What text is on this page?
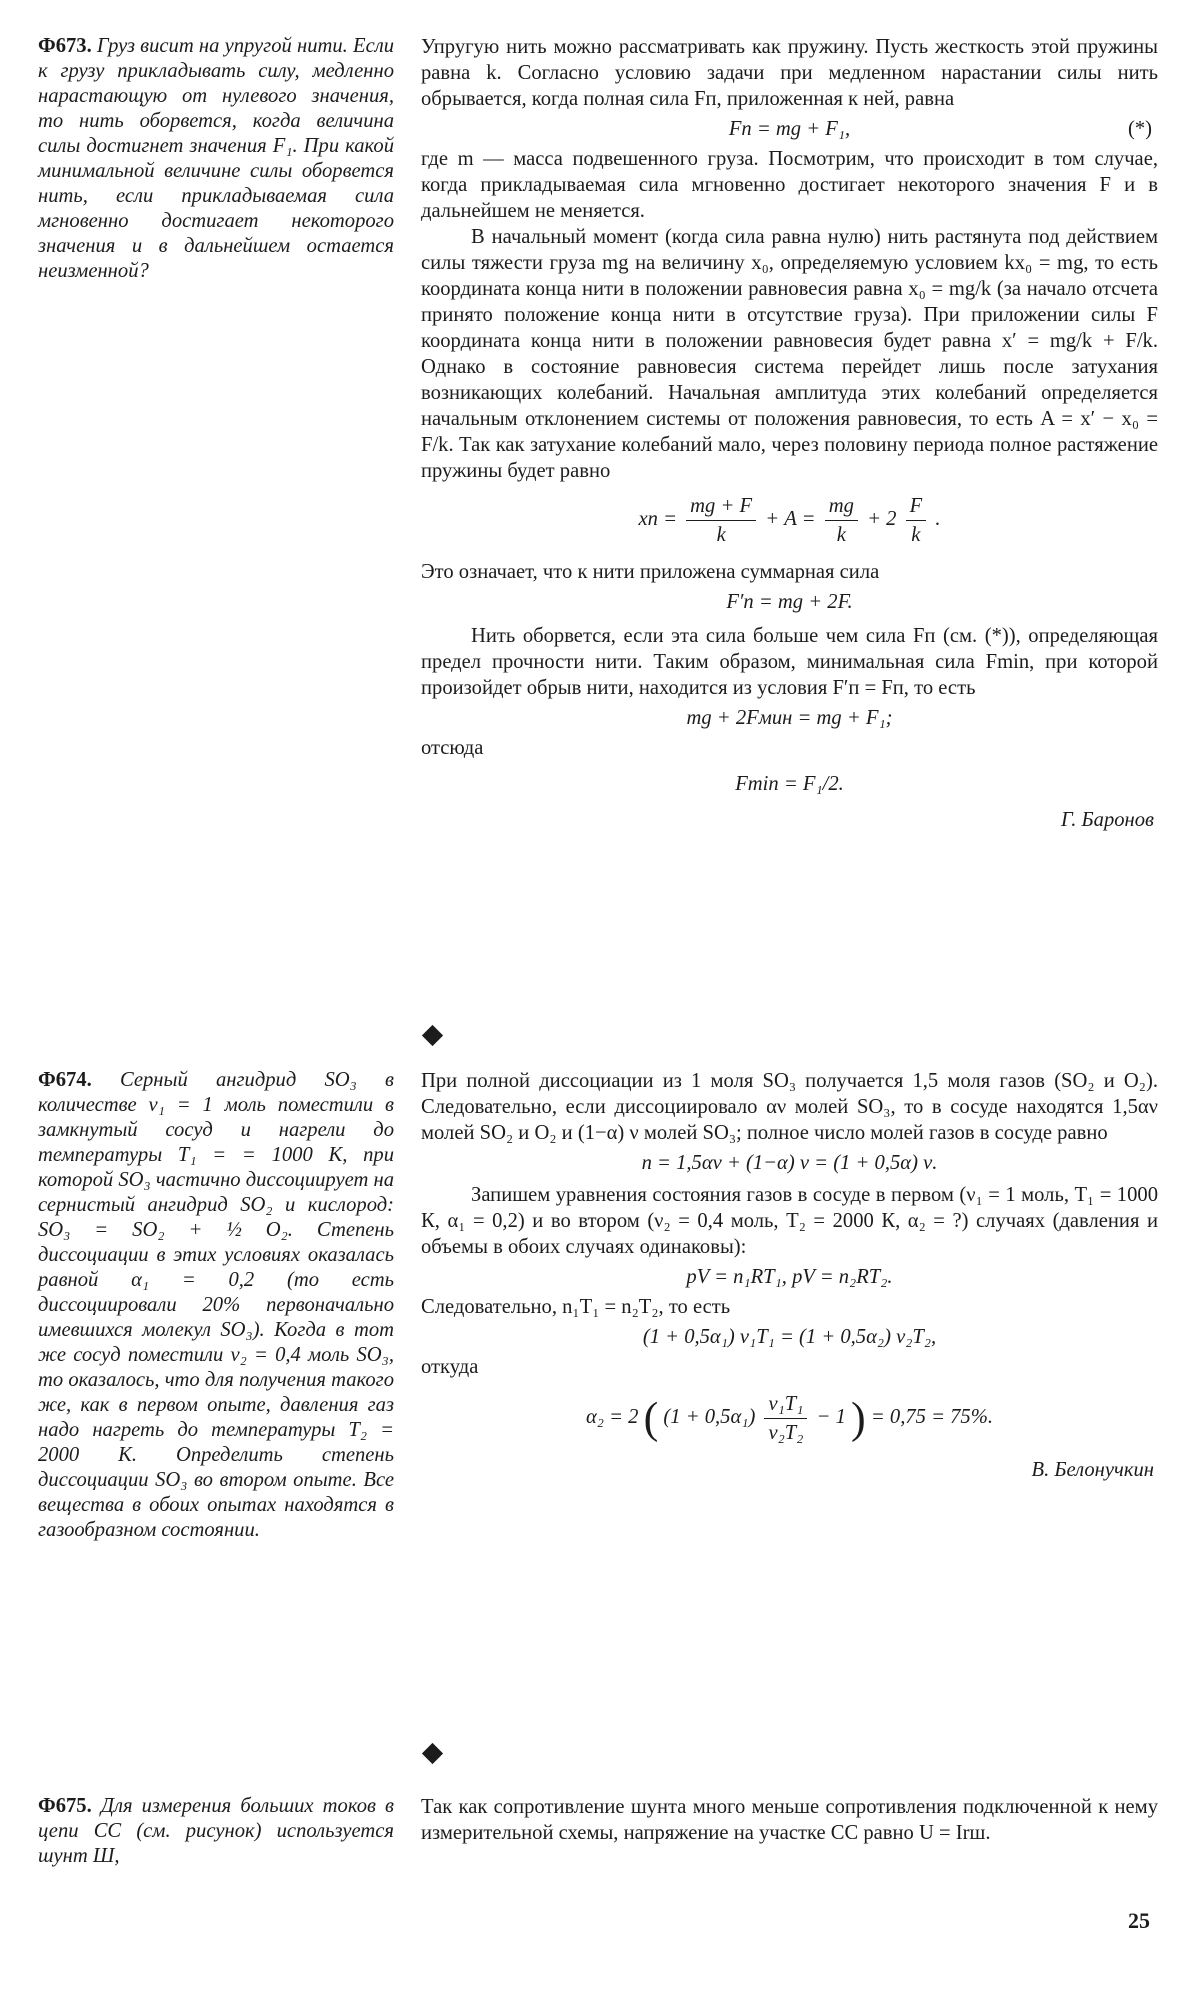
Ф673. Груз висит на упругой нити. Если к грузу прикладывать силу, медленно нарастающую от нулевого значения, то нить оборвется, когда величина силы достигнет значения F₁. При какой минимальной величине силы оборвется нить, если прикладываемая сила мгновенно достигает некоторого значения и в дальнейшем остается неизменной?

Упругую нить можно рассматривать как пружину. Пусть жесткость этой пружины равна k. Согласно условию задачи при медленном нарастании силы нить обрывается, когда полная сила Fп, приложенная к ней, равна

Fп = mg + F₁,	(*)

где m — масса подвешенного груза. Посмотрим, что происходит в том случае, когда прикладываемая сила мгновенно достигает некоторого значения F и в дальнейшем не меняется.

В начальный момент (когда сила равна нулю) нить растянута под действием силы тяжести груза mg на величину x₀, определяемую условием kx₀ = mg, то есть координата конца нити в положении равновесия равна x₀ = mg/k (за начало отсчета принято положение конца нити в отсутствие груза). При приложении силы F координата конца нити в положении равновесия будет равна x′ = mg/k + F/k. Однако в состояние равновесия система перейдет лишь после затухания возникающих колебаний. Начальная амплитуда этих колебаний определяется начальным отклонением системы от положения равновесия, то есть A = x′ − x₀ = F/k. Так как затухание колебаний мало, через половину периода полное растяжение пружины будет равно

xп = $\frac{mg + F}{k} + A = \frac{mg}{k} + 2 \frac{F}{k}$ .

Это означает, что к нити приложена суммарная сила

F′п = mg + 2F.

Нить оборвется, если эта сила больше чем сила Fп (см. (*)), определяющая предел прочности нити. Таким образом, минимальная сила Fmin, при которой произойдет обрыв нити, находится из условия F′п = Fп, то есть

mg + 2Fмин = mg + F₁;

отсюда

Fmin = F₁/2.
Г. Баронов
Ф674. Серный ангидрид SO₃ в количестве ν₁ = 1 моль поместили в замкнутый сосуд и нагрели до температуры T₁ = = 1000 К, при которой SO₃ частично диссоциирует на сернистый ангидрид SO₂ и кислород: SO₃ = SO₂ + ½ O₂. Степень диссоциации в этих условиях оказалась равной α₁ = 0,2 (то есть диссоциировали 20% первоначально имевшихся молекул SO₃). Когда в тот же сосуд поместили ν₂ = 0,4 моль SO₃, то оказалось, что для получения такого же, как в первом опыте, давления газ надо нагреть до температуры T₂ = 2000 К. Определить степень диссоциации SO₃ во втором опыте. Все вещества в обоих опытах находятся в газообразном состоянии.

При полной диссоциации из 1 моля SO₃ получается 1,5 моля газов (SO₂ и O₂). Следовательно, если диссоциировало αν молей SO₃, то в сосуде находятся 1,5αν молей SO₂ и O₂ и (1−α) ν молей SO₃; полное число молей газов в сосуде равно

n = 1,5αν + (1−α) ν = (1 + 0,5α) ν.

Запишем уравнения состояния газов в сосуде в первом (ν₁ = 1 моль, T₁ = 1000 К, α₁ = 0,2) и во втором (ν₂ = 0,4 моль, T₂ = 2000 К, α₂ = ?) случаях (давления и объемы в обоих случаях одинаковы):

pV = n₁RT₁, pV = n₂RT₂.

Следовательно, n₁T₁ = n₂T₂, то есть

(1 + 0,5α₁) ν₁T₁ = (1 + 0,5α₂) ν₂T₂,

откуда

α₂ = 2 ( $(1 + 0,5\alpha_1) \frac{\text{ν₁T₁}}{\text{ν₂T₂}} - 1$ ) = 0,75 = 75%.
В. Белонучкин
Ф675. Для измерения больших токов в цепи СС (см. рисунок) используется шунт Ш,

Так как сопротивление шунта много меньше сопротивления подключенной к нему измерительной схемы, напряжение на участке СС равно U = Irш.

25
